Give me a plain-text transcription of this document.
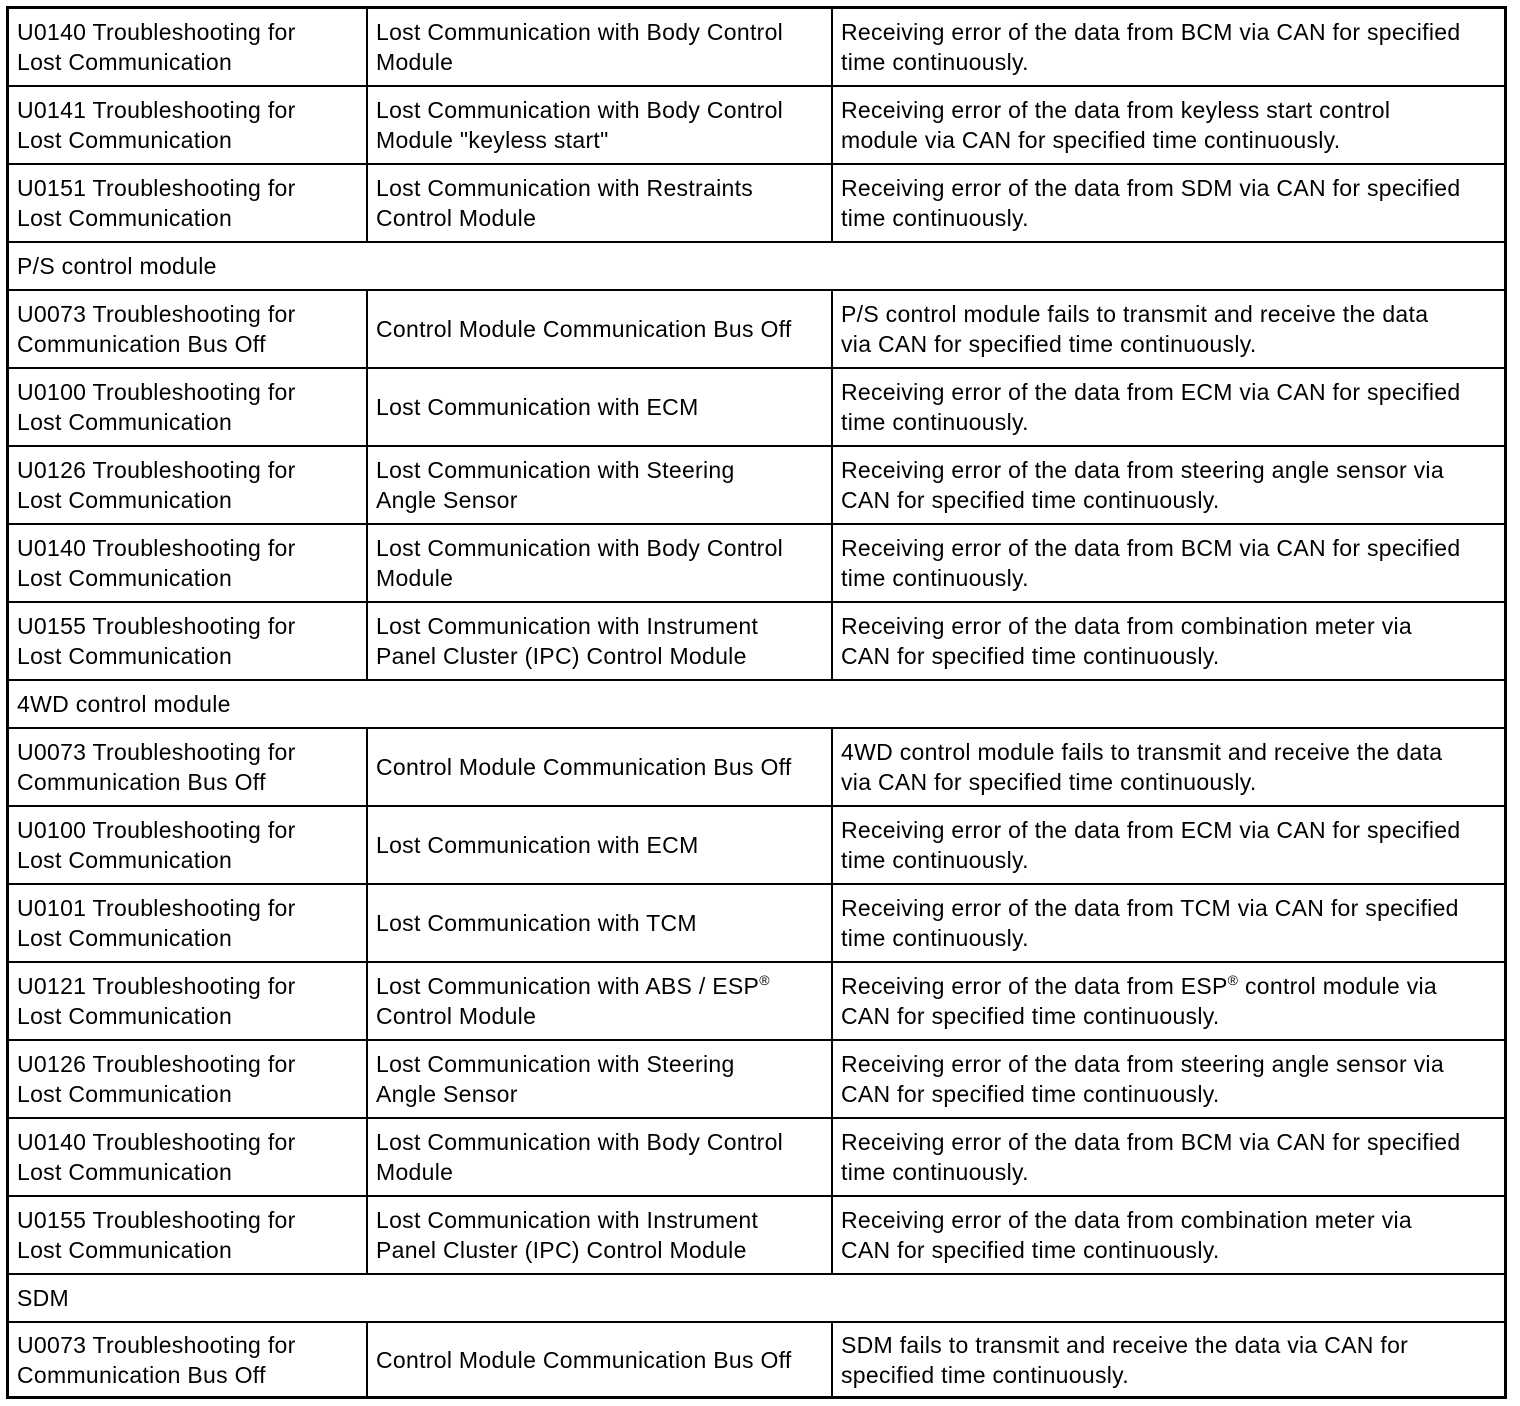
U0140 Troubleshooting for
Lost Communication
Lost Communication with Body Control
Module
Receiving error of the data from BCM via CAN for specified
time continuously.
U0141 Troubleshooting for
Lost Communication
Lost Communication with Body Control
Module "keyless start"
Receiving error of the data from keyless start control
module via CAN for specified time continuously.
U0151 Troubleshooting for
Lost Communication
Lost Communication with Restraints
Control Module
Receiving error of the data from SDM via CAN for specified
time continuously.
P/S control module
U0073 Troubleshooting for
Communication Bus Off
Control Module Communication Bus Off
P/S control module fails to transmit and receive the data
via CAN for specified time continuously.
U0100 Troubleshooting for
Lost Communication
Lost Communication with ECM
Receiving error of the data from ECM via CAN for specified
time continuously.
U0126 Troubleshooting for
Lost Communication
Lost Communication with Steering
Angle Sensor
Receiving error of the data from steering angle sensor via
CAN for specified time continuously.
U0140 Troubleshooting for
Lost Communication
Lost Communication with Body Control
Module
Receiving error of the data from BCM via CAN for specified
time continuously.
U0155 Troubleshooting for
Lost Communication
Lost Communication with Instrument
Panel Cluster (IPC) Control Module
Receiving error of the data from combination meter via
CAN for specified time continuously.
4WD control module
U0073 Troubleshooting for
Communication Bus Off
Control Module Communication Bus Off
4WD control module fails to transmit and receive the data
via CAN for specified time continuously.
U0100 Troubleshooting for
Lost Communication
Lost Communication with ECM
Receiving error of the data from ECM via CAN for specified
time continuously.
U0101 Troubleshooting for
Lost Communication
Lost Communication with TCM
Receiving error of the data from TCM via CAN for specified
time continuously.
U0121 Troubleshooting for
Lost Communication
Lost Communication with ABS / ESP®
Control Module
Receiving error of the data from ESP® control module via
CAN for specified time continuously.
U0126 Troubleshooting for
Lost Communication
Lost Communication with Steering
Angle Sensor
Receiving error of the data from steering angle sensor via
CAN for specified time continuously.
U0140 Troubleshooting for
Lost Communication
Lost Communication with Body Control
Module
Receiving error of the data from BCM via CAN for specified
time continuously.
U0155 Troubleshooting for
Lost Communication
Lost Communication with Instrument
Panel Cluster (IPC) Control Module
Receiving error of the data from combination meter via
CAN for specified time continuously.
SDM
U0073 Troubleshooting for
Communication Bus Off
Control Module Communication Bus Off
SDM fails to transmit and receive the data via CAN for
specified time continuously.
